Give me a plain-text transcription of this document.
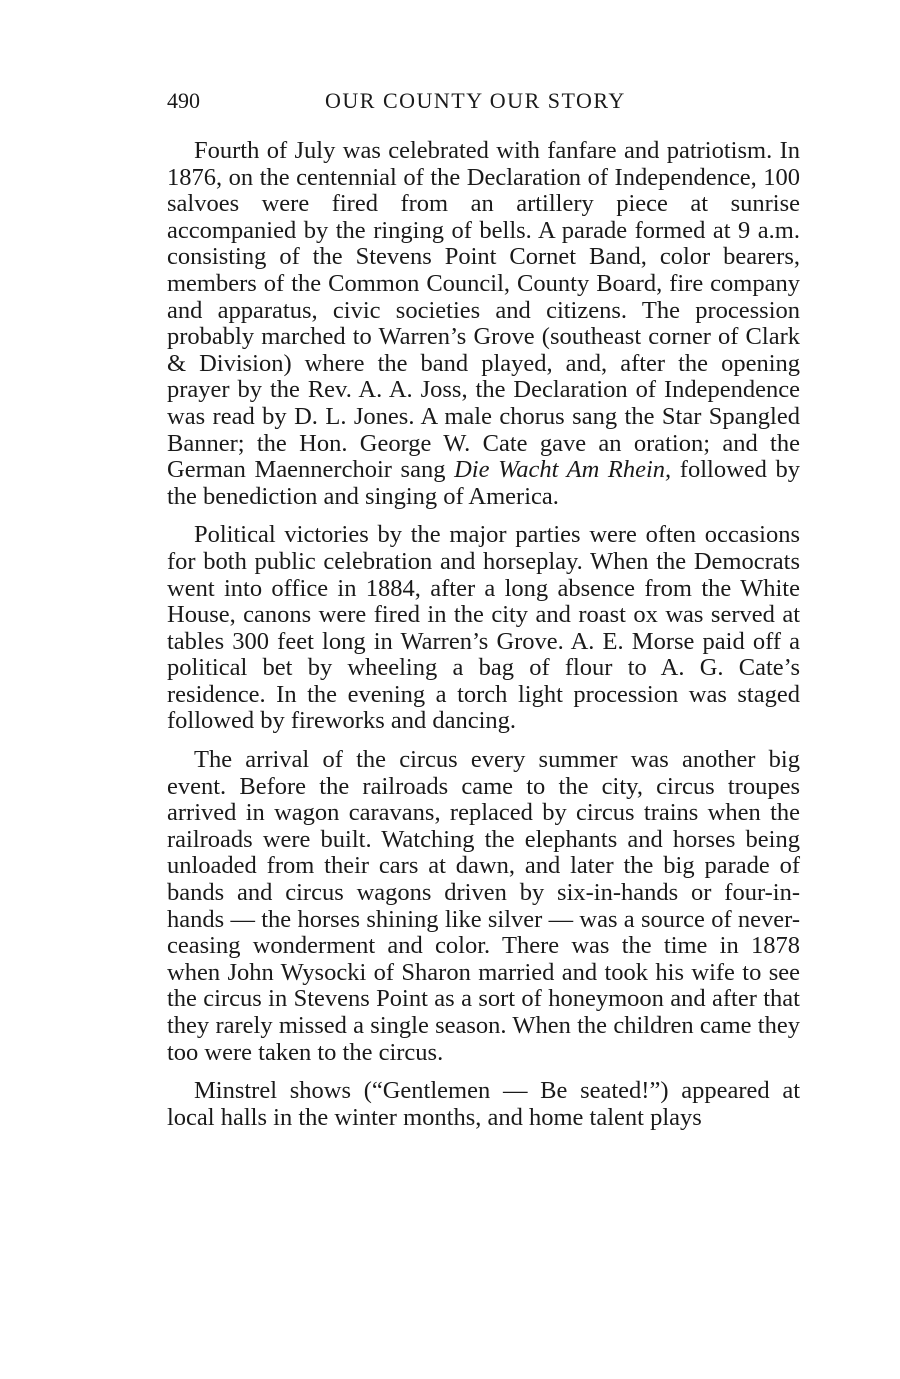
490	OUR COUNTY OUR STORY

Fourth of July was celebrated with fanfare and patriotism. In 1876, on the centennial of the Declaration of Independence, 100 salvoes were fired from an artillery piece at sunrise accompanied by the ringing of bells. A parade formed at 9 a.m. consisting of the Stevens Point Cornet Band, color bearers, members of the Common Council, County Board, fire company and apparatus, civic societies and citizens. The procession probably marched to Warren’s Grove (southeast corner of Clark & Division) where the band played, and, after the opening prayer by the Rev. A. A. Joss, the Declaration of Independence was read by D. L. Jones. A male chorus sang the Star Spangled Banner; the Hon. George W. Cate gave an oration; and the German Maennerchoir sang Die Wacht Am Rhein, followed by the benediction and singing of America.

Political victories by the major parties were often occasions for both public celebration and horseplay. When the Democrats went into office in 1884, after a long absence from the White House, canons were fired in the city and roast ox was served at tables 300 feet long in Warren’s Grove. A. E. Morse paid off a political bet by wheeling a bag of flour to A. G. Cate’s residence. In the evening a torch light procession was staged followed by fireworks and dancing.

The arrival of the circus every summer was another big event. Before the railroads came to the city, circus troupes arrived in wagon caravans, replaced by circus trains when the railroads were built. Watching the elephants and horses being unloaded from their cars at dawn, and later the big parade of bands and circus wagons driven by six-in-hands or four-in-hands — the horses shining like silver — was a source of never-ceasing wonderment and color. There was the time in 1878 when John Wysocki of Sharon married and took his wife to see the circus in Stevens Point as a sort of honeymoon and after that they rarely missed a single season. When the children came they too were taken to the circus.

Minstrel shows (“Gentlemen — Be seated!”) appeared at local halls in the winter months, and home talent plays
